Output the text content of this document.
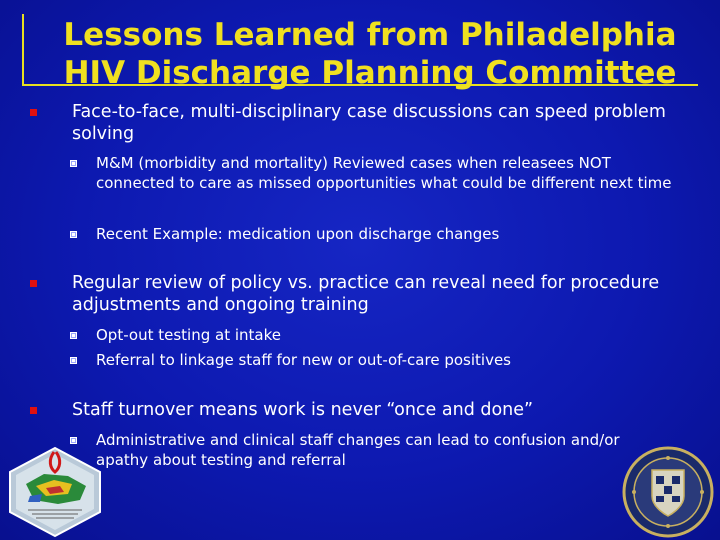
Lessons Learned from Philadelphia
HIV Discharge Planning Committee
Face-to-face, multi-disciplinary case discussions can speed problem solving
M&M (morbidity and mortality) Reviewed cases when releasees NOT connected to care as missed opportunities what could be different next time
Recent Example: medication upon discharge changes
Regular review of policy vs. practice can reveal need for procedure adjustments and ongoing training
Opt-out testing at intake
Referral to linkage staff for new or out-of-care positives
Staff turnover means work is never “once and done”
Administrative and clinical staff changes can lead to confusion and/or apathy about testing and referral
